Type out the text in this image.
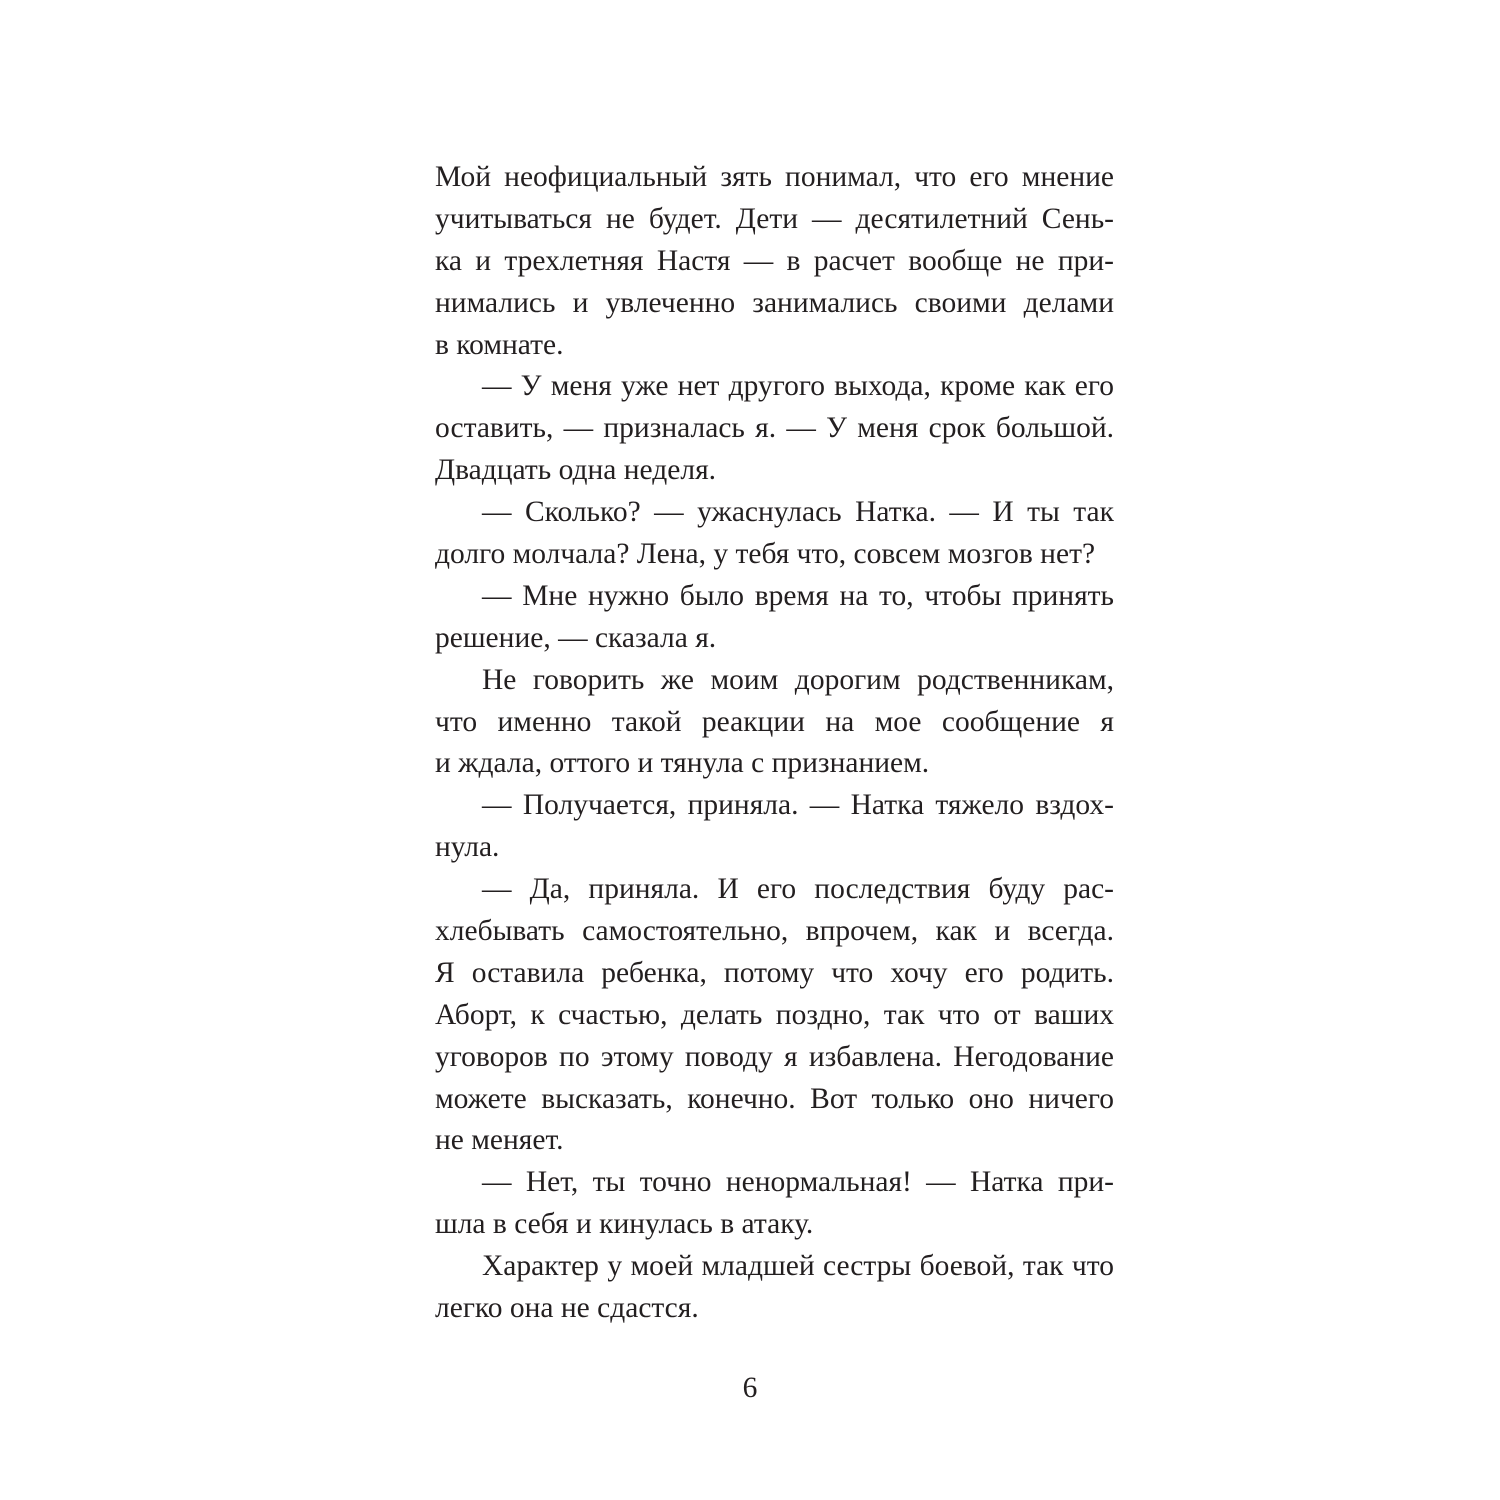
Мой неофициальный зять понимал, что его мнение
учитываться не будет. Дети — десятилетний Сень-
ка и трехлетняя Настя — в расчет вообще не при-
нимались и увлеченно занимались своими делами
в комнате.
— У меня уже нет другого выхода, кроме как его
оставить, — призналась я. — У меня срок большой.
Двадцать одна неделя.
— Сколько? — ужаснулась Натка. — И ты так
долго молчала? Лена, у тебя что, совсем мозгов нет?
— Мне нужно было время на то, чтобы принять
решение, — сказала я.
Не говорить же моим дорогим родственникам,
что именно такой реакции на мое сообщение я
и ждала, оттого и тянула с признанием.
— Получается, приняла. — Натка тяжело вздох-
нула.
— Да, приняла. И его последствия буду рас-
хлебывать самостоятельно, впрочем, как и всегда.
Я оставила ребенка, потому что хочу его родить.
Аборт, к счастью, делать поздно, так что от ваших
уговоров по этому поводу я избавлена. Негодование
можете высказать, конечно. Вот только оно ничего
не меняет.
— Нет, ты точно ненормальная! — Натка при-
шла в себя и кинулась в атаку.
Характер у моей младшей сестры боевой, так что
легко она не сдастся.
6
